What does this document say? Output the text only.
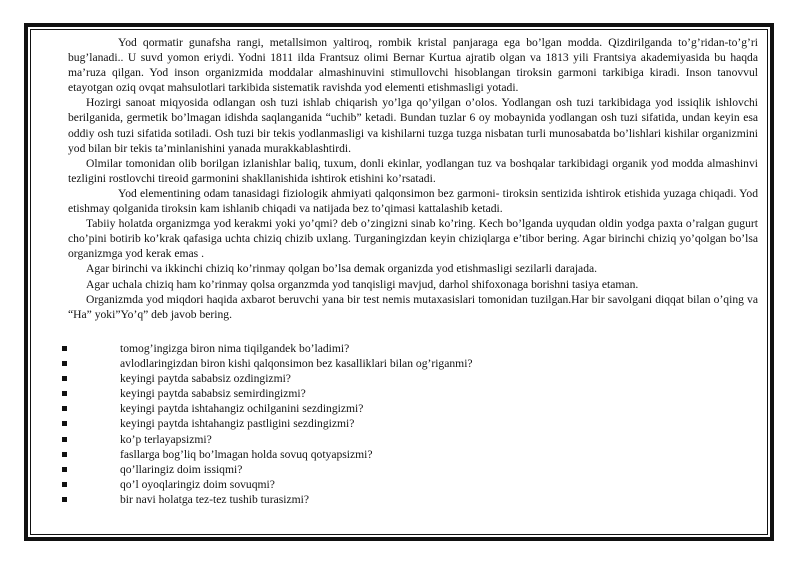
Yod qormatir gunafsha rangi, metallsimon yaltiroq, rombik kristal panjaraga ega bo’lgan modda. Qizdirilganda to’g’ridan-to’g’ri bug’lanadi.. U suvd yomon eriydi. Yodni 1811 ilda Frantsuz olimi Bernar Kurtua ajratib olgan va 1813 yili Frantsiya akademiyasida bu haqda ma’ruza qilgan. Yod inson organizmida moddalar almashinuvini stimullovchi hisoblangan tiroksin garmoni tarkibiga kiradi. Inson tanovvul etayotgan oziq ovqat mahsulotlari tarkibida sistematik ravishda yod elementi etishmasligi yotadi.

Hozirgi sanoat miqyosida odlangan osh tuzi ishlab chiqarish yo’lga qo’yilgan o’olos. Yodlangan osh tuzi tarkibidaga yod issiqlik ishlovchi berilganida, germetik bo’lmagan idishda saqlanganida “uchib” ketadi. Bundan tuzlar 6 oy mobaynida yodlangan osh tuzi sifatida, undan keyin esa oddiy osh tuzi sifatida sotiladi. Osh tuzi bir tekis yodlanmasligi va kishilarni tuzga tuzga nisbatan turli munosabatda bo’lishlari kishilar organizmini yod bilan bir tekis ta’minlanishini yanada murakkablashtirdi.

Olmilar tomonidan olib borilgan izlanishlar baliq, tuxum, donli ekinlar, yodlangan tuz va boshqalar tarkibidagi organik yod modda almashinvi tezligini rostlovchi tireoid garmonini shakllanishida ishtirok etishini ko’rsatadi.

Yod elementining odam tanasidagi fiziologik ahmiyati qalqonsimon bez garmoni- tiroksin sentizida ishtirok etishida yuzaga chiqadi. Yod etishmay qolganida tiroksin kam ishlanib chiqadi va natijada bez to’qimasi kattalashib ketadi.

Tabiiy holatda organizmga yod kerakmi yoki yo’qmi? deb o’zingizni sinab ko’ring. Kech bo’lganda uyqudan oldin yodga paxta o’ralgan gugurt cho’pini botirib ko’krak qafasiga uchta chiziq chizib uxlang. Turganingizdan keyin chiziqlarga e’tibor bering. Agar birinchi chiziq yo’qolgan bo’lsa organizmga yod kerak emas .

Agar birinchi va ikkinchi chiziq ko’rinmay qolgan bo’lsa demak organizda yod etishmasligi sezilarli darajada.

Agar uchala chiziq ham ko’rinmay qolsa organzmda yod tanqisligi mavjud, darhol shifoxonaga borishni tasiya etaman.

Organizmda yod miqdori haqida axbarot beruvchi yana bir test nemis mutaxasislari tomonidan tuzilgan.Har bir savolgani diqqat bilan o’qing va “Ha” yoki”Yo’q” deb javob bering.

tomog’ingizga biron nima tiqilgandek bo’ladimi?
avlodlaringizdan biron kishi qalqonsimon bez kasalliklari bilan og’riganmi?
keyingi paytda sababsiz ozdingizmi?
keyingi paytda sababsiz semirdingizmi?
keyingi paytda ishtahangiz ochilganini sezdingizmi?
keyingi paytda ishtahangiz pastligini sezdingizmi?
ko’p terlayapsizmi?
fasllarga bog’liq bo’lmagan holda sovuq qotyapsizmi?
qo’llaringiz doim issiqmi?
qo’l oyoqlaringiz doim sovuqmi?
bir navi holatga tez-tez tushib turasizmi?
